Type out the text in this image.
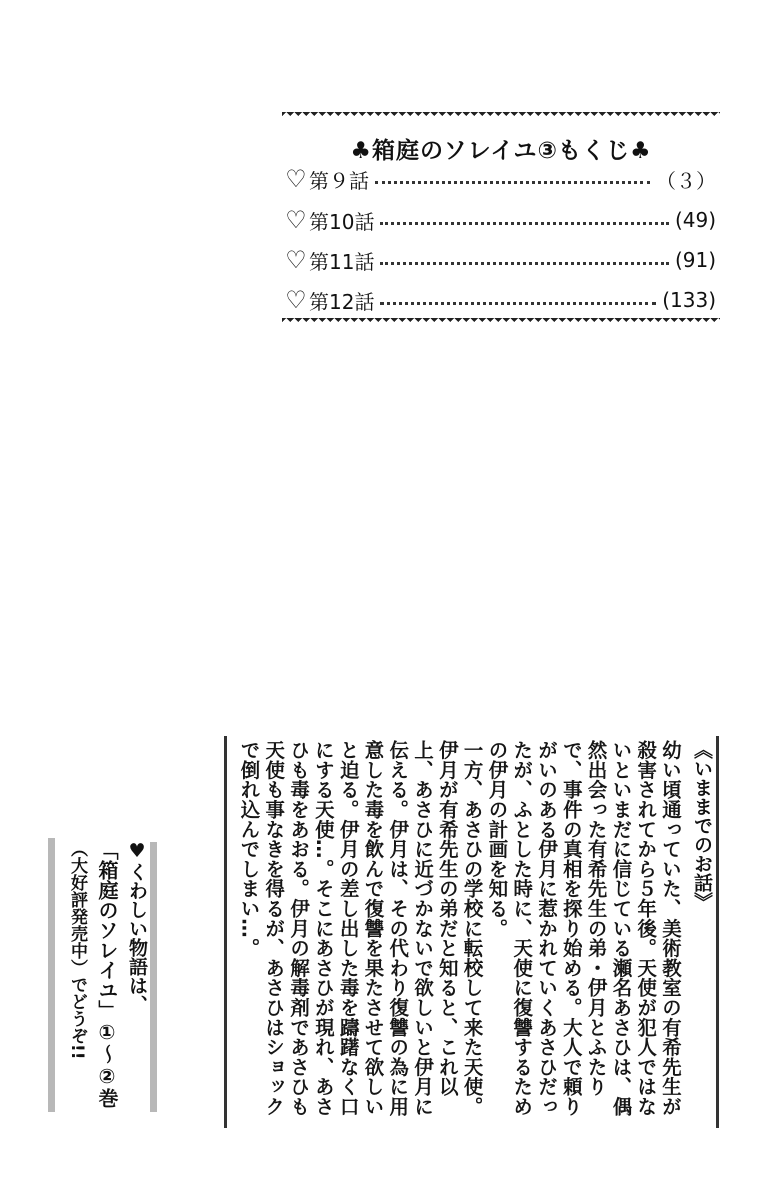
♣箱庭のソレイユ③もくじ♣
♡ 第９話	（３）
♡ 第10話	(49)
♡ 第11話	(91)
♡ 第12話	(133)
《いままでのお話》
幼い頃通っていた、美術教室の有希先生が殺害されてから５年後。天使が犯人ではないといまだに信じている瀬名あさひは、偶然出会った有希先生の弟・伊月とふたりで、事件の真相を探り始める。大人で頼りがいのある伊月に惹かれていくあさひだったが、ふとした時に、天使に復讐するための伊月の計画を知る。
一方、あさひの学校に転校して来た天使。伊月が有希先生の弟だと知ると、これ以上、あさひに近づかないで欲しいと伊月に伝える。伊月は、その代わり復讐の為に用意した毒を飲んで復讐を果たさせて欲しいと迫る。伊月の差し出した毒を躊躇なく口にする天使…。そこにあさひが現れ、あさひも毒をあおる。伊月の解毒剤であさひも天使も事なきを得るが、あさひはショックで倒れ込んでしまい…。
♥くわしい物語は、
「箱庭のソレイユ」①〜②巻
（大好評発売中）でどうぞ!!
